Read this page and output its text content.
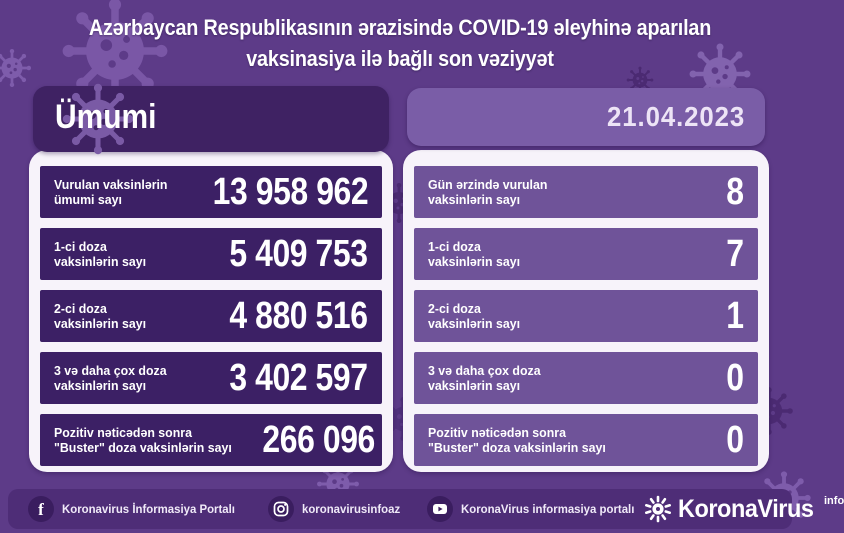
Azərbaycan Respublikasının ərazisində COVID-19 əleyhinə aparılan
vaksinasiya ilə bağlı son vəziyyət
Ümumi
Vurulan vaksinlərin
ümumi sayı	13 958 962
1-ci doza
vaksinlərin sayı 5 409 753
2-ci doza
vaksinlərin sayı 4 880 516
3 və daha çox doza
vaksinlərin sayı	3 402 597
Pozitiv nəticədən sonra
"Buster" doza vaksinlərin sayı 266 096
21.04.2023
Gün ərzində vurulan
vaksinlərin sayı	8
1-ci doza
vaksinlərin sayı	7
2-ci doza
vaksinlərin sayı	1
3 və daha çox doza
vaksinlərin sayı	0
Pozitiv nəticədən sonra
"Buster" doza vaksinlərin sayı	0
f Koronavirus İnformasiya Portalı	koronavirusinfoaz	KoronaVirus informasiya portalı KoronaVirus info
